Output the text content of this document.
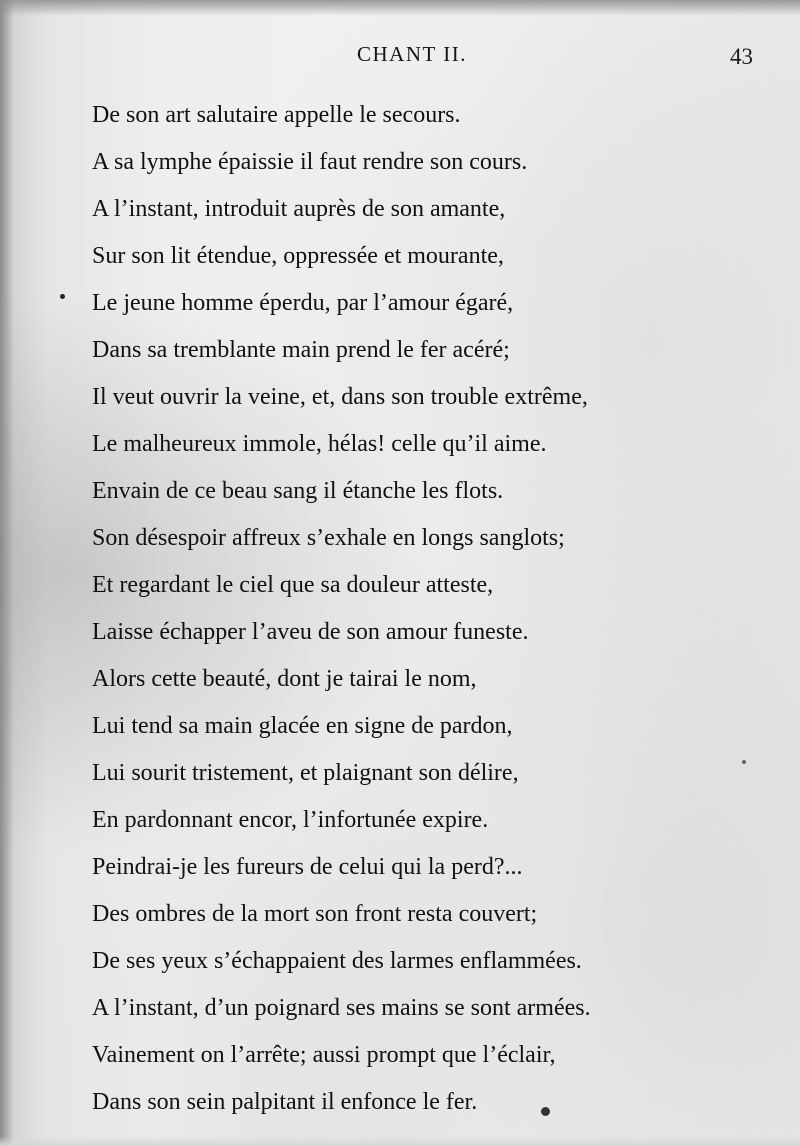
CHANT II.	43
De son art salutaire appelle le secours.
A sa lymphe épaissie il faut rendre son cours.
A l’instant, introduit auprès de son amante,
Sur son lit étendue, oppressée et mourante,
Le jeune homme éperdu, par l’amour égaré,
Dans sa tremblante main prend le fer acéré;
Il veut ouvrir la veine, et, dans son trouble extrême,
Le malheureux immole, hélas! celle qu’il aime.
Envain de ce beau sang il étanche les flots.
Son désespoir affreux s’exhale en longs sanglots;
Et regardant le ciel que sa douleur atteste,
Laisse échapper l’aveu de son amour funeste.
Alors cette beauté, dont je tairai le nom,
Lui tend sa main glacée en signe de pardon,
Lui sourit tristement, et plaignant son délire,
En pardonnant encor, l’infortunée expire.
Peindrai-je les fureurs de celui qui la perd?...
Des ombres de la mort son front resta couvert;
De ses yeux s’échappaient des larmes enflammées.
A l’instant, d’un poignard ses mains se sont armées.
Vainement on l’arrête; aussi prompt que l’éclair,
Dans son sein palpitant il enfonce le fer.
